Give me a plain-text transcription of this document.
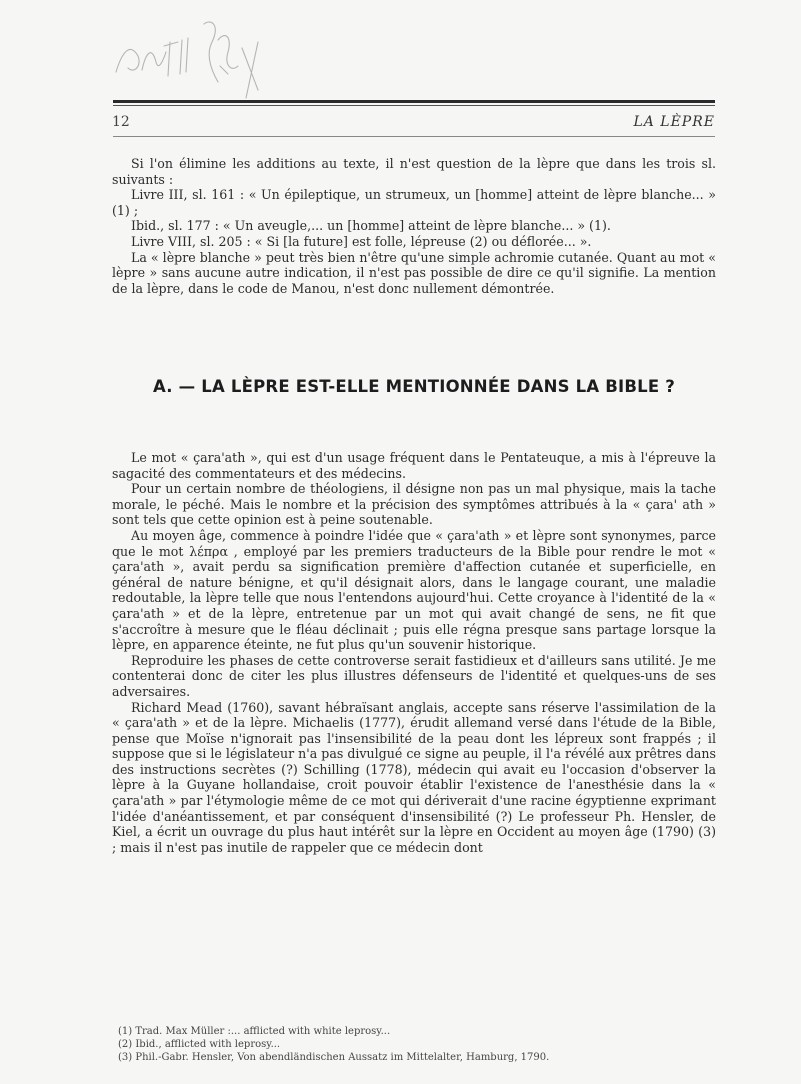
12	LA LÈPRE

Si l'on élimine les additions au texte, il n'est question de la lèpre que dans les trois sl. suivants :

Livre III, sl. 161 : « Un épileptique, un strumeux, un [homme] atteint de lèpre blanche... » (1) ;

Ibid., sl. 177 : « Un aveugle,... un [homme] atteint de lèpre blanche... » (1).

Livre VIII, sl. 205 : « Si [la future] est folle, lépreuse (2) ou déflorée... ».

La « lèpre blanche » peut très bien n'être qu'une simple achromie cutanée. Quant au mot « lèpre » sans aucune autre indication, il n'est pas possible de dire ce qu'il signifie. La mention de la lèpre, dans le code de Manou, n'est donc nullement démontrée.

A. — LA LÈPRE EST-ELLE MENTIONNÉE DANS LA BIBLE ?

Le mot « çara'ath », qui est d'un usage fréquent dans le Pentateuque, a mis à l'épreuve la sagacité des commentateurs et des médecins.

Pour un certain nombre de théologiens, il désigne non pas un mal physique, mais la tache morale, le péché. Mais le nombre et la précision des symptômes attribués à la « çara' ath » sont tels que cette opinion est à peine soutenable.

Au moyen âge, commence à poindre l'idée que « çara'ath » et lèpre sont synonymes, parce que le mot λέπρα , employé par les premiers traducteurs de la Bible pour rendre le mot « çara'ath », avait perdu sa signification première d'affection cutanée et superficielle, en général de nature bénigne, et qu'il désignait alors, dans le langage courant, une maladie redoutable, la lèpre telle que nous l'entendons aujourd'hui. Cette croyance à l'identité de la « çara'ath » et de la lèpre, entretenue par un mot qui avait changé de sens, ne fit que s'accroître à mesure que le fléau déclinait ; puis elle régna presque sans partage lorsque la lèpre, en apparence éteinte, ne fut plus qu'un souvenir historique.

Reproduire les phases de cette controverse serait fastidieux et d'ailleurs sans utilité. Je me contenterai donc de citer les plus illustres défenseurs de l'identité et quelques-uns de ses adversaires.

Richard Mead (1760), savant hébraïsant anglais, accepte sans réserve l'assimilation de la « çara'ath » et de la lèpre. Michaelis (1777), érudit allemand versé dans l'étude de la Bible, pense que Moïse n'ignorait pas l'insensibilité de la peau dont les lépreux sont frappés ; il suppose que si le législateur n'a pas divulgué ce signe au peuple, il l'a révélé aux prêtres dans des instructions secrètes (?) Schilling (1778), médecin qui avait eu l'occasion d'observer la lèpre à la Guyane hollandaise, croit pouvoir établir l'existence de l'anesthésie dans la « çara'ath » par l'étymologie même de ce mot qui dériverait d'une racine égyptienne exprimant l'idée d'anéantissement, et par conséquent d'insensibilité (?) Le professeur Ph. Hensler, de Kiel, a écrit un ouvrage du plus haut intérêt sur la lèpre en Occident au moyen âge (1790) (3) ; mais il n'est pas inutile de rappeler que ce médecin dont

(1) Trad. Max Müller :... afflicted with white leprosy...
(2) Ibid., afflicted with leprosy...
(3) Phil.-Gabr. Hensler, Von abendländischen Aussatz im Mittelalter, Hamburg, 1790.
